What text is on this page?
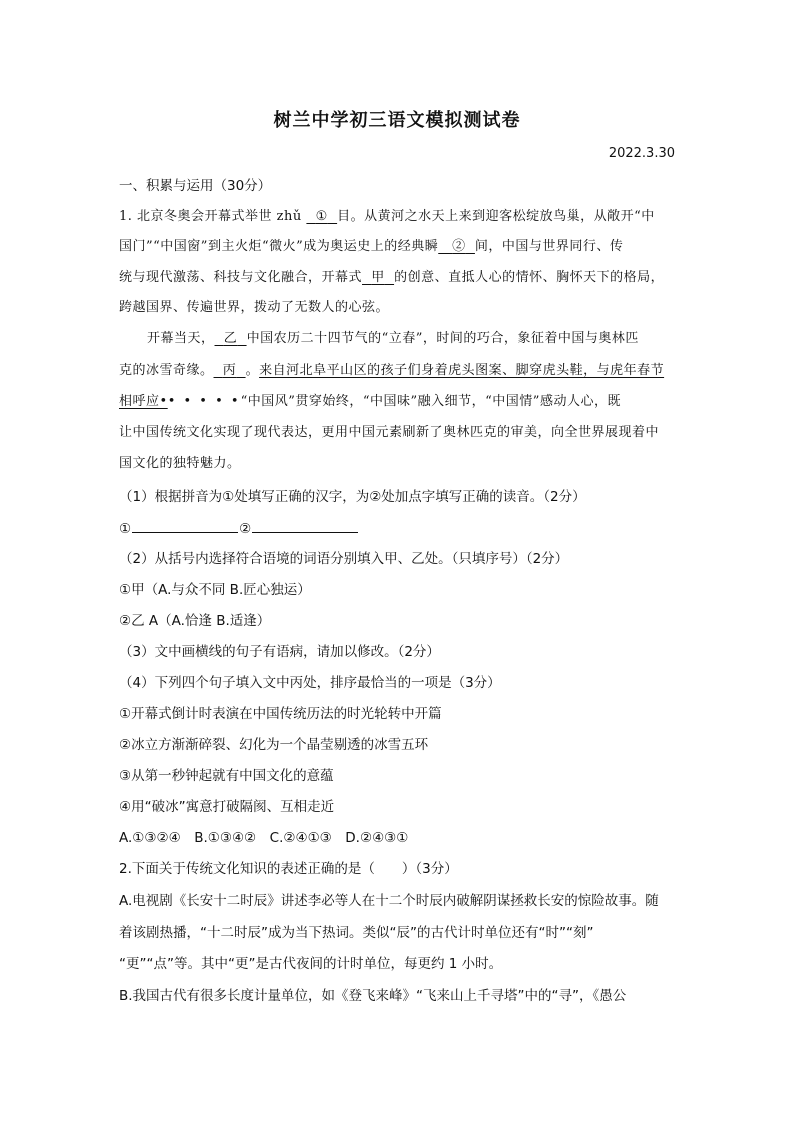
树兰中学初三语文模拟测试卷
2022.3.30
一、积累与运用（30分）
1. 北京冬奥会开幕式举世 zhǔ ① 目。从黄河之水天上来到迎客松绽放鸟巢，从敞开“中
国门”“中国窗”到主火炬“微火”成为奥运史上的经典瞬 ② 间，中国与世界同行、传
统与现代激荡、科技与文化融合，开幕式 甲 的创意、直抵人心的情怀、胸怀天下的格局，
跨越国界、传遍世界，拨动了无数人的心弦。
开幕当天， 乙 中国农历二十四节气的“立春”，时间的巧合，象征着中国与奥林匹
克的冰雪奇缘。 丙 。来自河北阜平山区的孩子们身着虎头图案、脚穿虎头鞋，与虎年春节
相呼应•• • • • •“中国风”贯穿始终，“中国味”融入细节，“中国情”感动人心，既
让中国传统文化实现了现代表达，更用中国元素刷新了奥林匹克的审美，向全世界展现着中
国文化的独特魅力。
（1）根据拼音为①处填写正确的汉字，为②处加点字填写正确的读音。（2分）
①	②
（2）从括号内选择符合语境的词语分别填入甲、乙处。（只填序号）（2分）
①甲（A.与众不同 B.匠心独运）
②乙 A（A.恰逢 B.适逢）
（3）文中画横线的句子有语病，请加以修改。（2分）
（4）下列四个句子填入文中丙处，排序最恰当的一项是（3分）
①开幕式倒计时表演在中国传统历法的时光轮转中开篇
②冰立方渐渐碎裂、幻化为一个晶莹剔透的冰雪五环
③从第一秒钟起就有中国文化的意蕴
④用“破冰”寓意打破隔阂、互相走近
A.①③②④　B.①③④②　C.②④①③　D.②④③①
2.下面关于传统文化知识的表述正确的是（　　）（3分）
A.电视剧《长安十二时辰》讲述李必等人在十二个时辰内破解阴谋拯救长安的惊险故事。随
着该剧热播，“十二时辰”成为当下热词。类似“辰”的古代计时单位还有“时”“刻”
“更”“点”等。其中“更”是古代夜间的计时单位，每更约 1 小时。
B.我国古代有很多长度计量单位，如《登飞来峰》“飞来山上千寻塔”中的“寻”，《愚公
